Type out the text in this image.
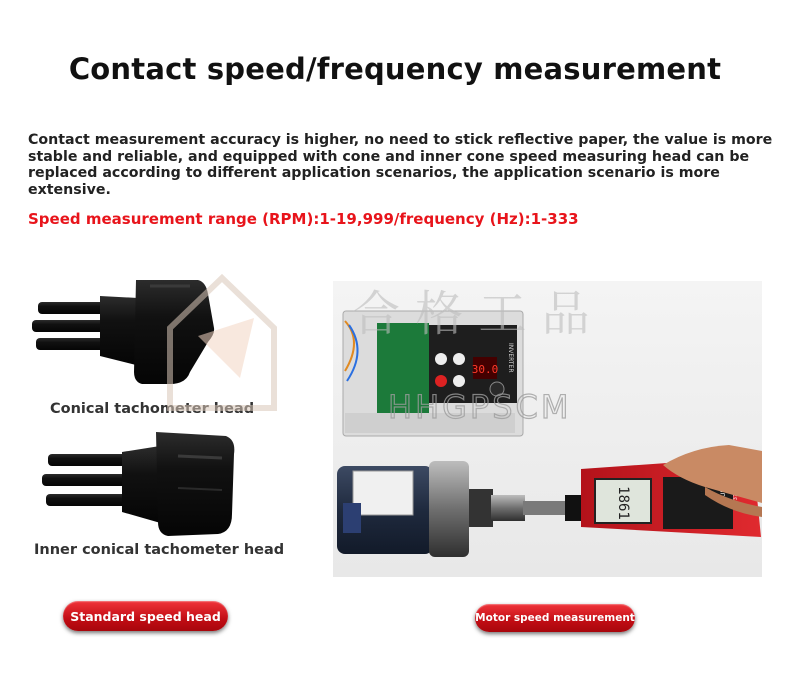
Contact speed/frequency measurement
Contact measurement accuracy is higher, no need to stick reflective paper, the value is more stable and reliable, and equipped with cone and inner cone speed measuring head can be replaced according to different application scenarios, the application scenario is more extensive.
Speed measurement range (RPM):1-19,999/frequency (Hz):1-333
Conical tachometer head
Inner conical tachometer head
30.0 INVERTER
1861	UT373
合 格 工 品
HHGPSCM
Standard speed head	Motor speed measurement
